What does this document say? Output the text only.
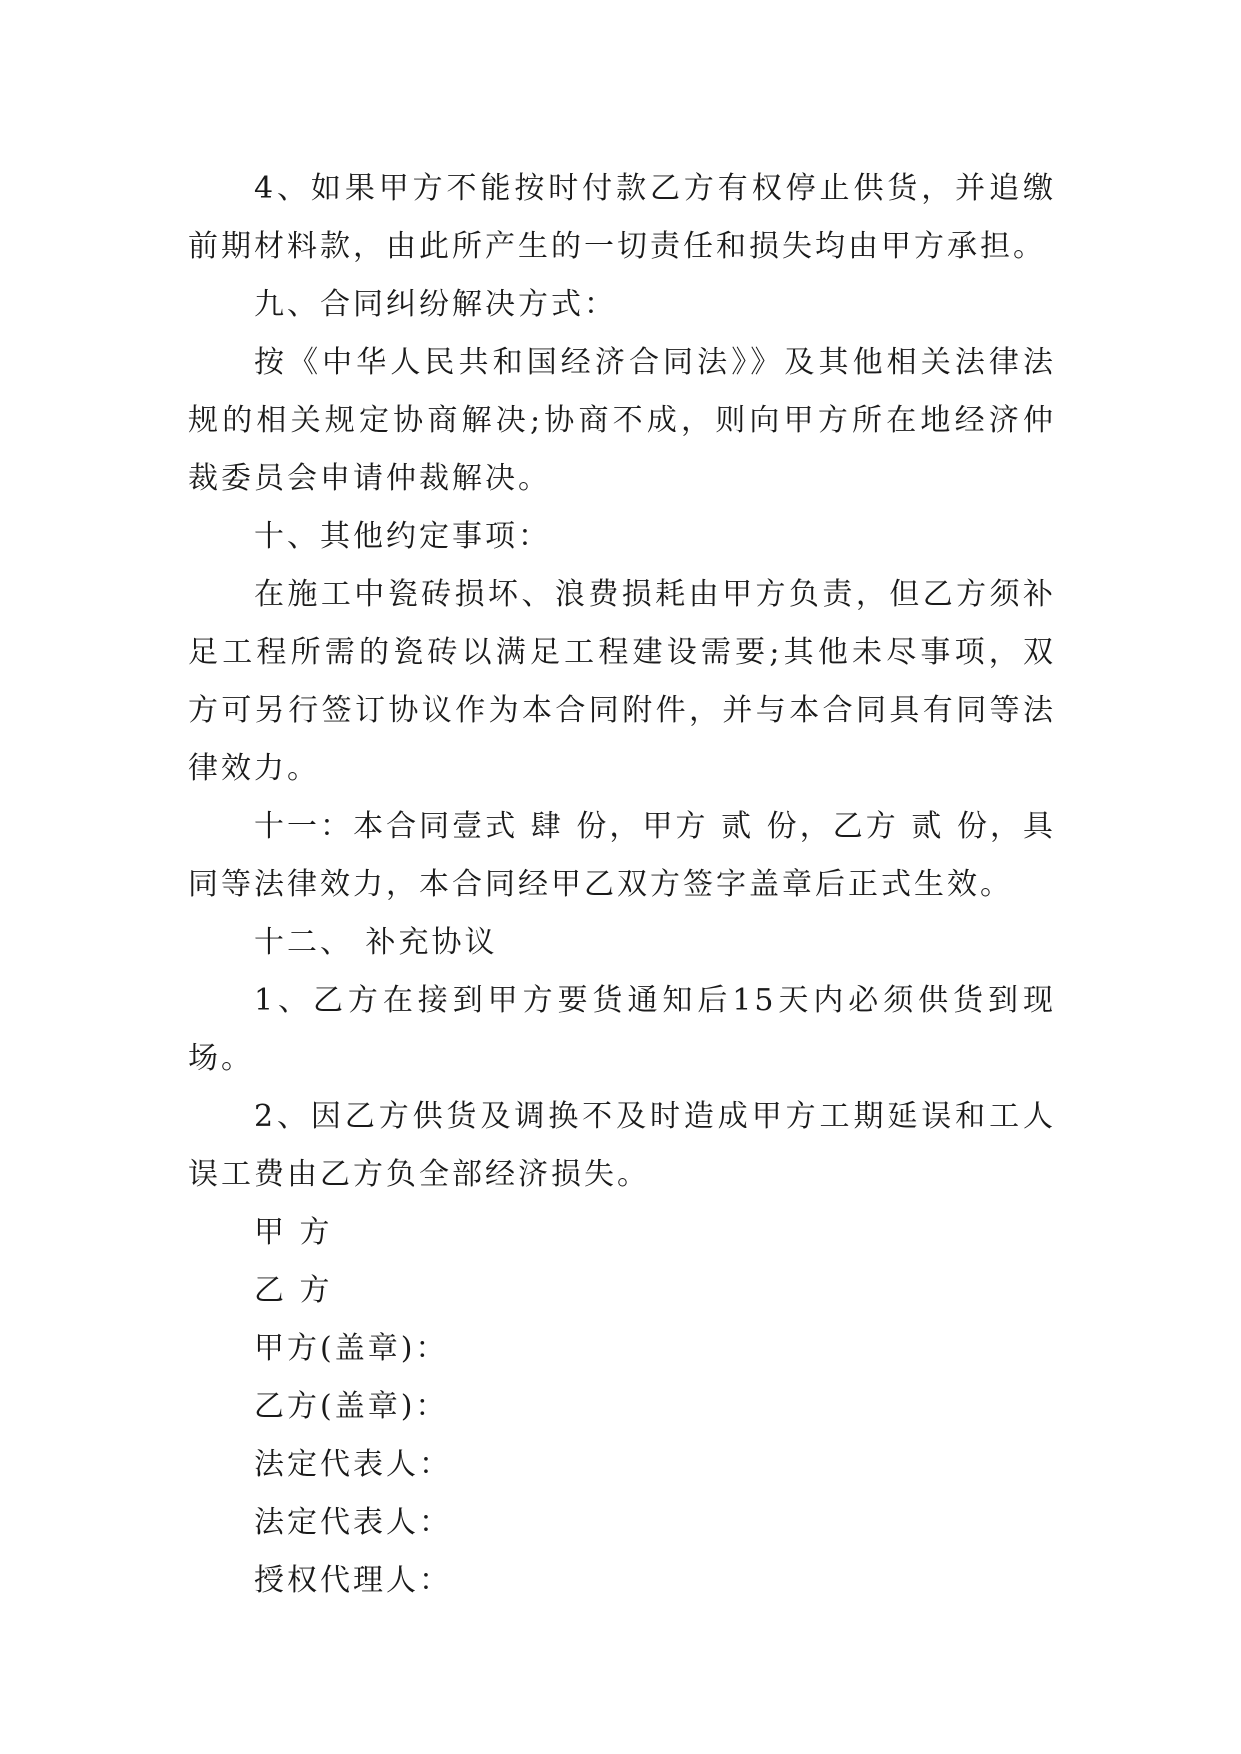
4、如果甲方不能按时付款乙方有权停止供货，并追缴前期材料款，由此所产生的一切责任和损失均由甲方承担。

九、合同纠纷解决方式：

按《中华人民共和国经济合同法》》及其他相关法律法规的相关规定协商解决;协商不成，则向甲方所在地经济仲裁委员会申请仲裁解决。

十、其他约定事项：

在施工中瓷砖损坏、浪费损耗由甲方负责，但乙方须补足工程所需的瓷砖以满足工程建设需要;其他未尽事项，双方可另行签订协议作为本合同附件，并与本合同具有同等法律效力。

十一：本合同壹式 肆 份，甲方 贰 份，乙方 贰 份，具同等法律效力，本合同经甲乙双方签字盖章后正式生效。

十二、 补充协议

1、乙方在接到甲方要货通知后15天内必须供货到现场。

2、因乙方供货及调换不及时造成甲方工期延误和工人误工费由乙方负全部经济损失。

甲 方
乙 方
甲方(盖章)：
乙方(盖章)：
法定代表人：
法定代表人：
授权代理人：
